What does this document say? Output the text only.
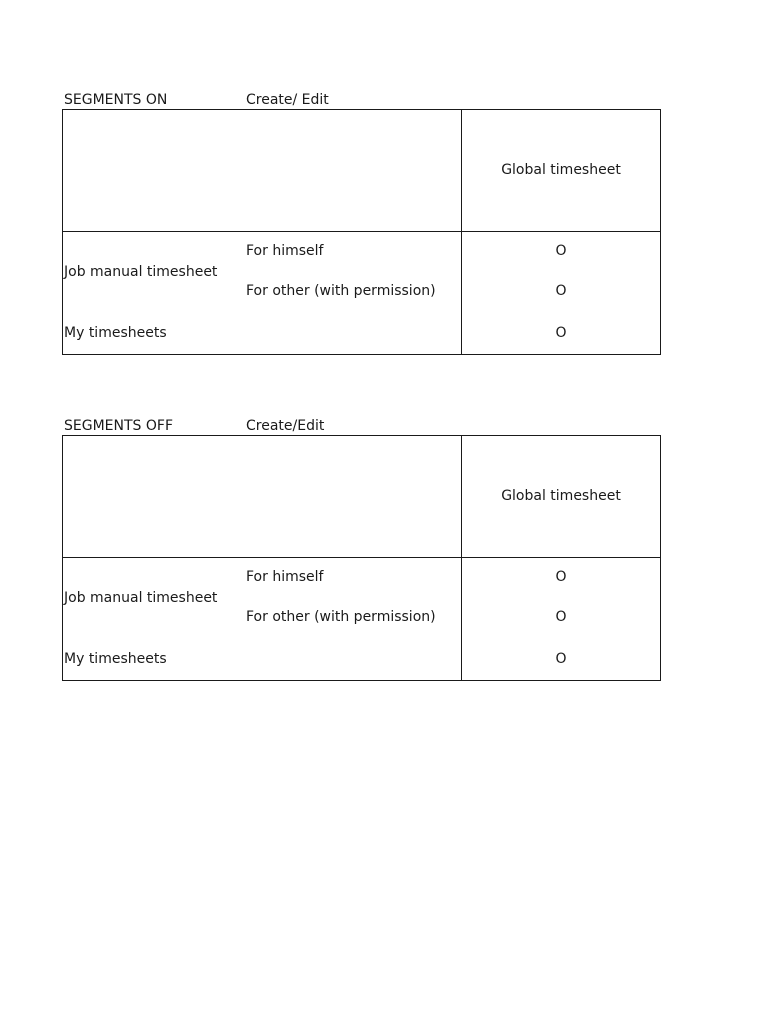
SEGMENTS ON	Create/ Edit
Global timesheet
Job manual timesheet
For himself
For other (with permission)
My timesheets
O
O
O
SEGMENTS OFF	Create/Edit
Global timesheet
Job manual timesheet
For himself
For other (with permission)
My timesheets
O
O
O
